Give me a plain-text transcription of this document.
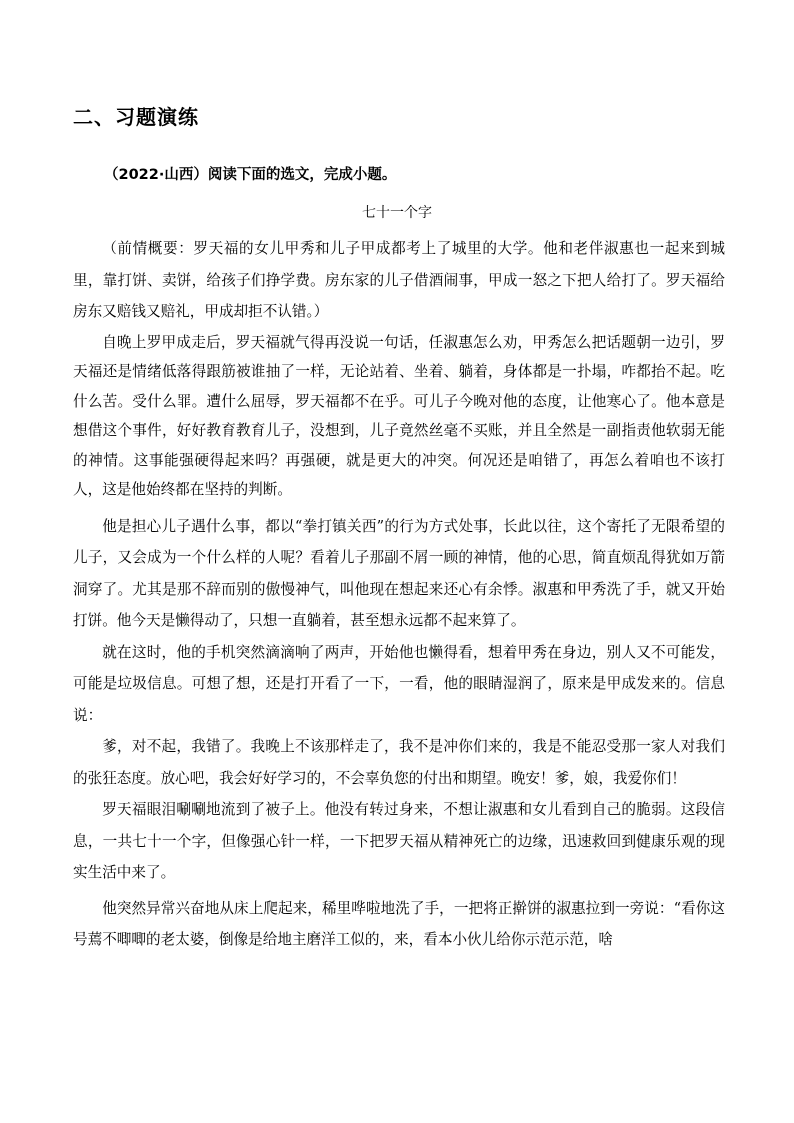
二、习题演练
（2022·山西）阅读下面的选文，完成小题。
七十一个字

（前情概要：罗天福的女儿甲秀和儿子甲成都考上了城里的大学。他和老伴淑惠也一起来到城里，靠打饼、卖饼，给孩子们挣学费。房东家的儿子借酒闹事，甲成一怒之下把人给打了。罗天福给房东又赔钱又赔礼，甲成却拒不认错。）

自晚上罗甲成走后，罗天福就气得再没说一句话，任淑惠怎么劝，甲秀怎么把话题朝一边引，罗天福还是情绪低落得跟筋被谁抽了一样，无论站着、坐着、躺着，身体都是一扑塌，咋都抬不起。吃什么苦。受什么罪。遭什么屈辱，罗天福都不在乎。可儿子今晚对他的态度，让他寒心了。他本意是想借这个事件，好好教育教育儿子，没想到，儿子竟然丝毫不买账，并且全然是一副指责他软弱无能的神情。这事能强硬得起来吗？再强硬，就是更大的冲突。何况还是咱错了，再怎么着咱也不该打人，这是他始终都在坚持的判断。

他是担心儿子遇什么事，都以“拳打镇关西”的行为方式处事，长此以往，这个寄托了无限希望的儿子，又会成为一个什么样的人呢？看着儿子那副不屑一顾的神情，他的心思，简直烦乱得犹如万箭洞穿了。尤其是那不辞而别的傲慢神气，叫他现在想起来还心有余悸。淑惠和甲秀洗了手，就又开始打饼。他今天是懒得动了，只想一直躺着，甚至想永远都不起来算了。

就在这时，他的手机突然滴滴响了两声，开始他也懒得看，想着甲秀在身边，别人又不可能发，可能是垃圾信息。可想了想，还是打开看了一下，一看，他的眼睛湿润了，原来是甲成发来的。信息说：

爹，对不起，我错了。我晚上不该那样走了，我不是冲你们来的，我是不能忍受那一家人对我们的张狂态度。放心吧，我会好好学习的，不会辜负您的付出和期望。晚安！爹，娘，我爱你们！

罗天福眼泪唰唰地流到了被子上。他没有转过身来，不想让淑惠和女儿看到自己的脆弱。这段信息，一共七十一个字，但像强心针一样，一下把罗天福从精神死亡的边缘，迅速救回到健康乐观的现实生活中来了。

他突然异常兴奋地从床上爬起来，稀里哗啦地洗了手，一把将正擀饼的淑惠拉到一旁说：“看你这号蔫不唧唧的老太婆，倒像是给地主磨洋工似的，来，看本小伙儿给你示范示范，啥
